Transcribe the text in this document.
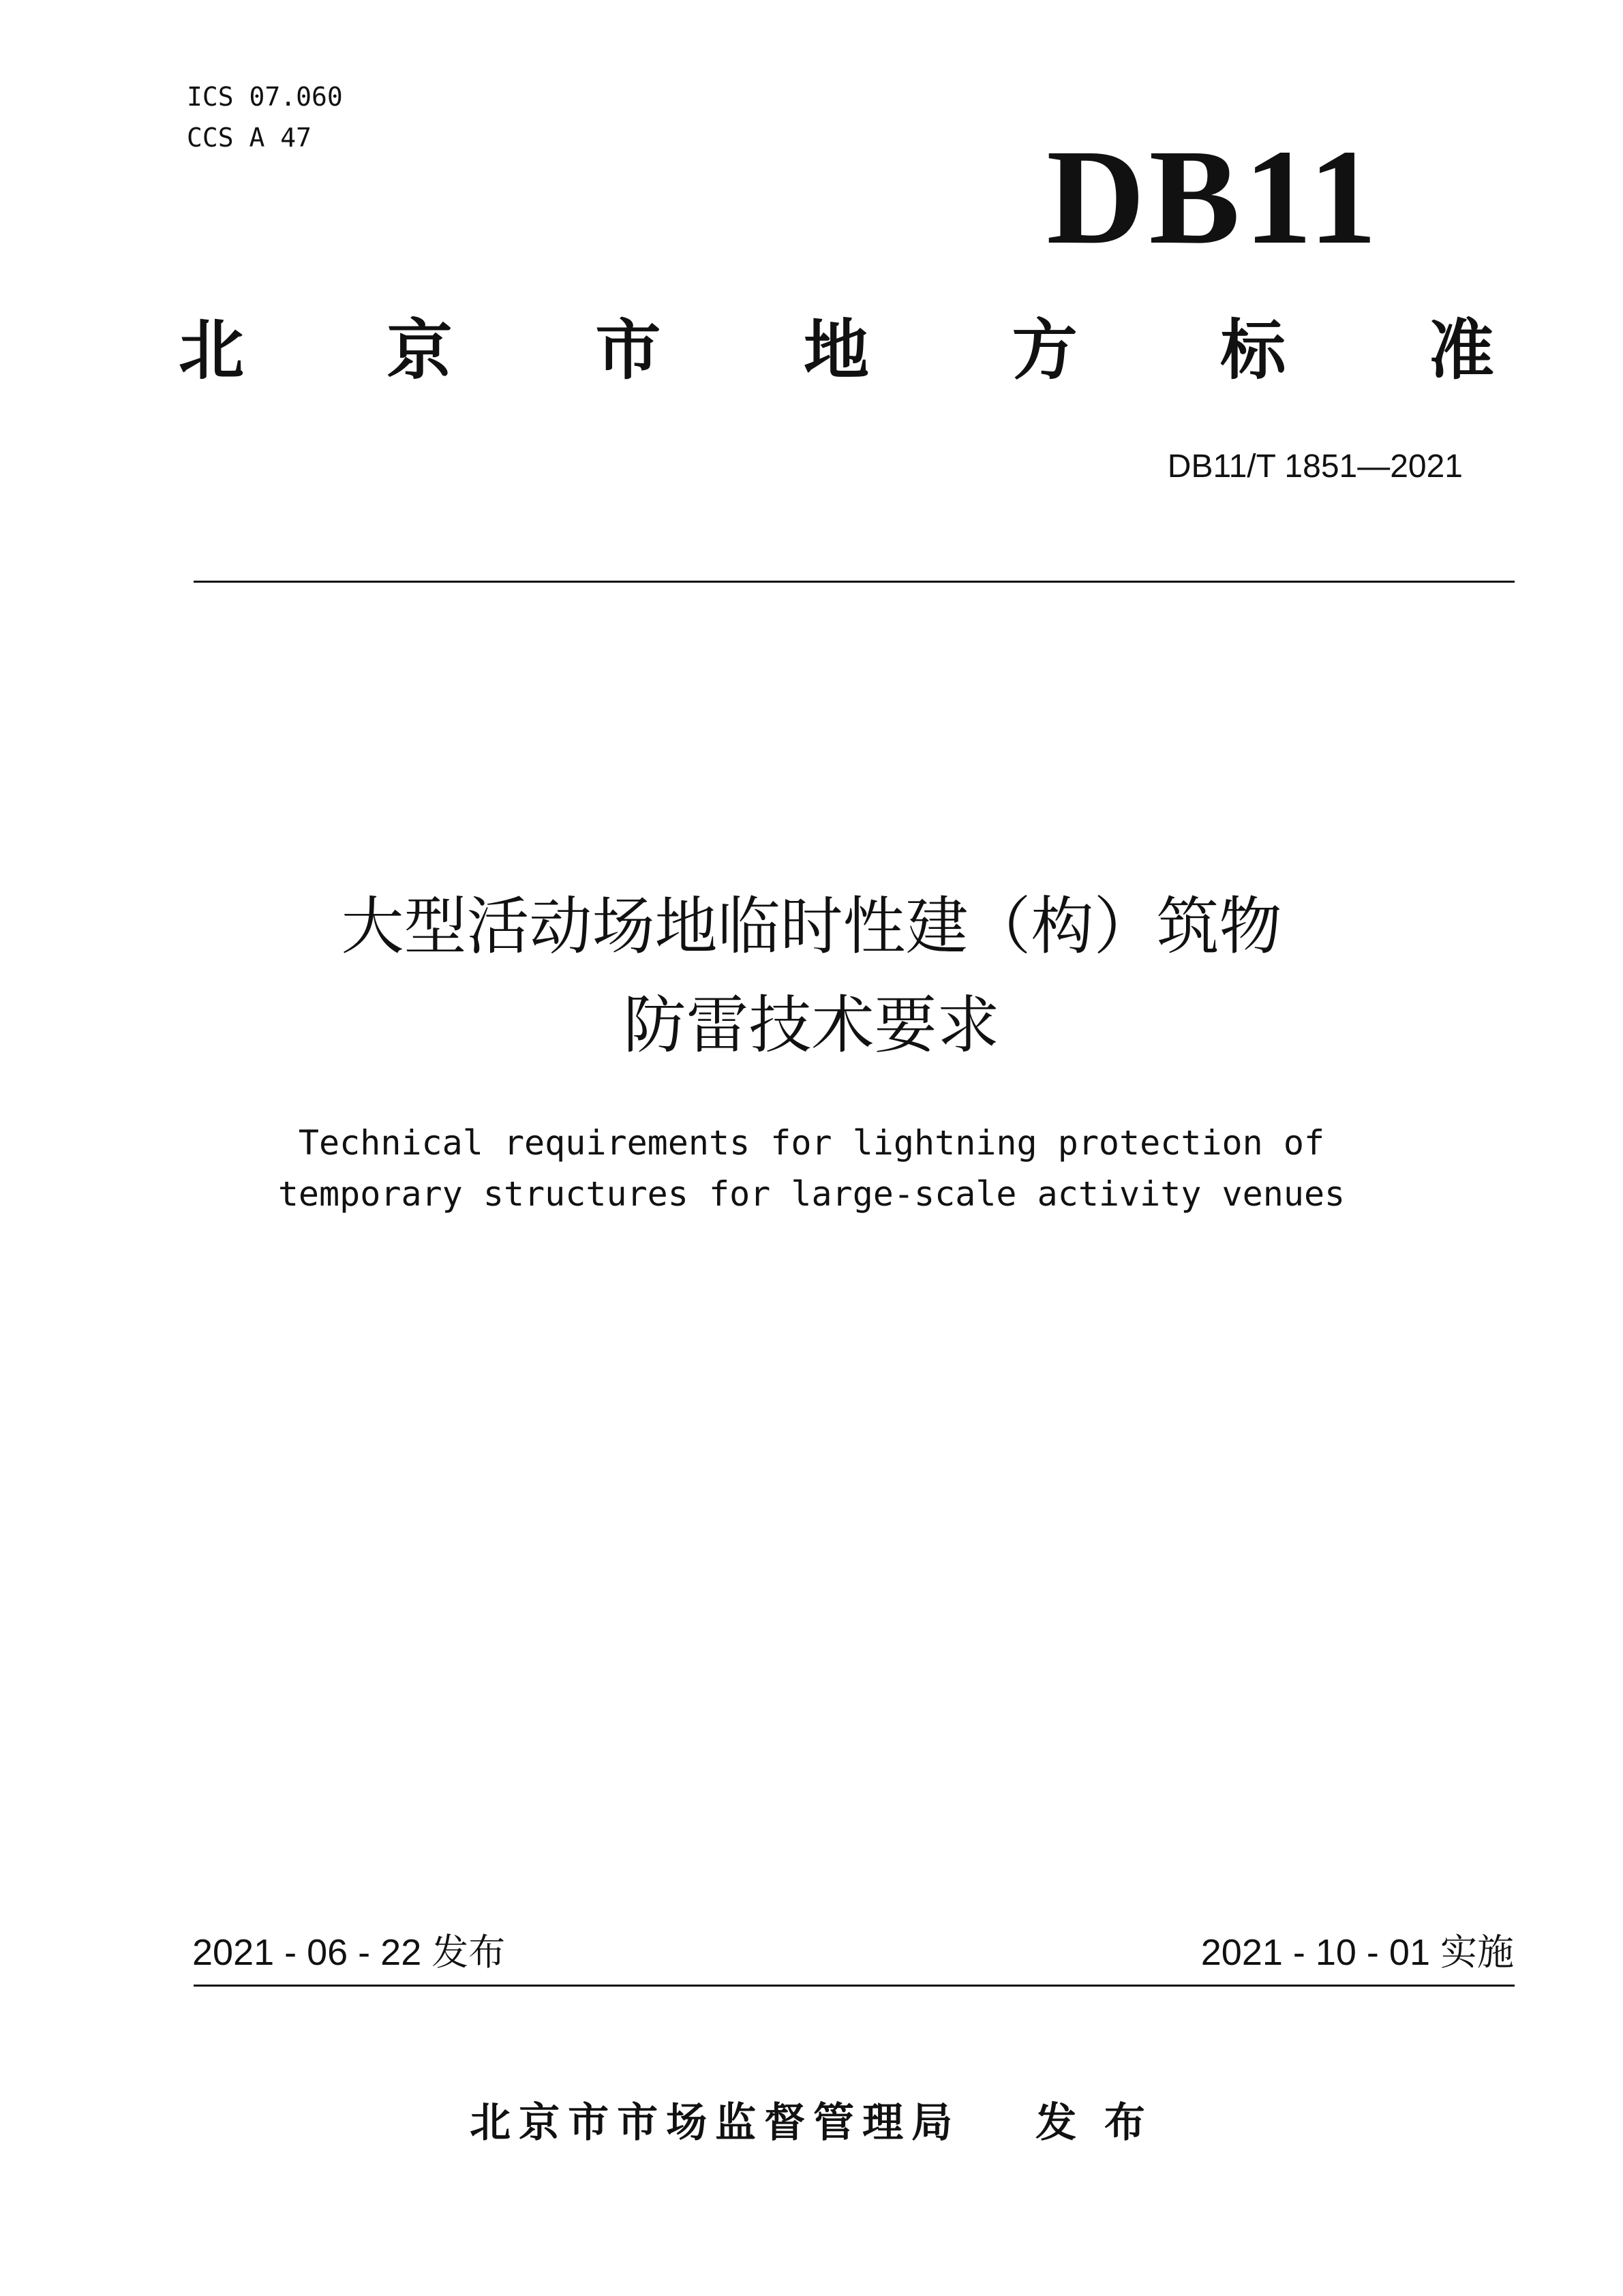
ICS 07.060
CCS A 47	DB11
北 京 市 地 方 标 准
DB11/T 1851—2021
大型活动场地临时性建（构）筑物
防雷技术要求
Technical requirements for lightning protection of
temporary structures for large-scale activity venues
2021 - 06 - 22 发布	2021 - 10 - 01 实施
北京市市场监督管理局 发 布
